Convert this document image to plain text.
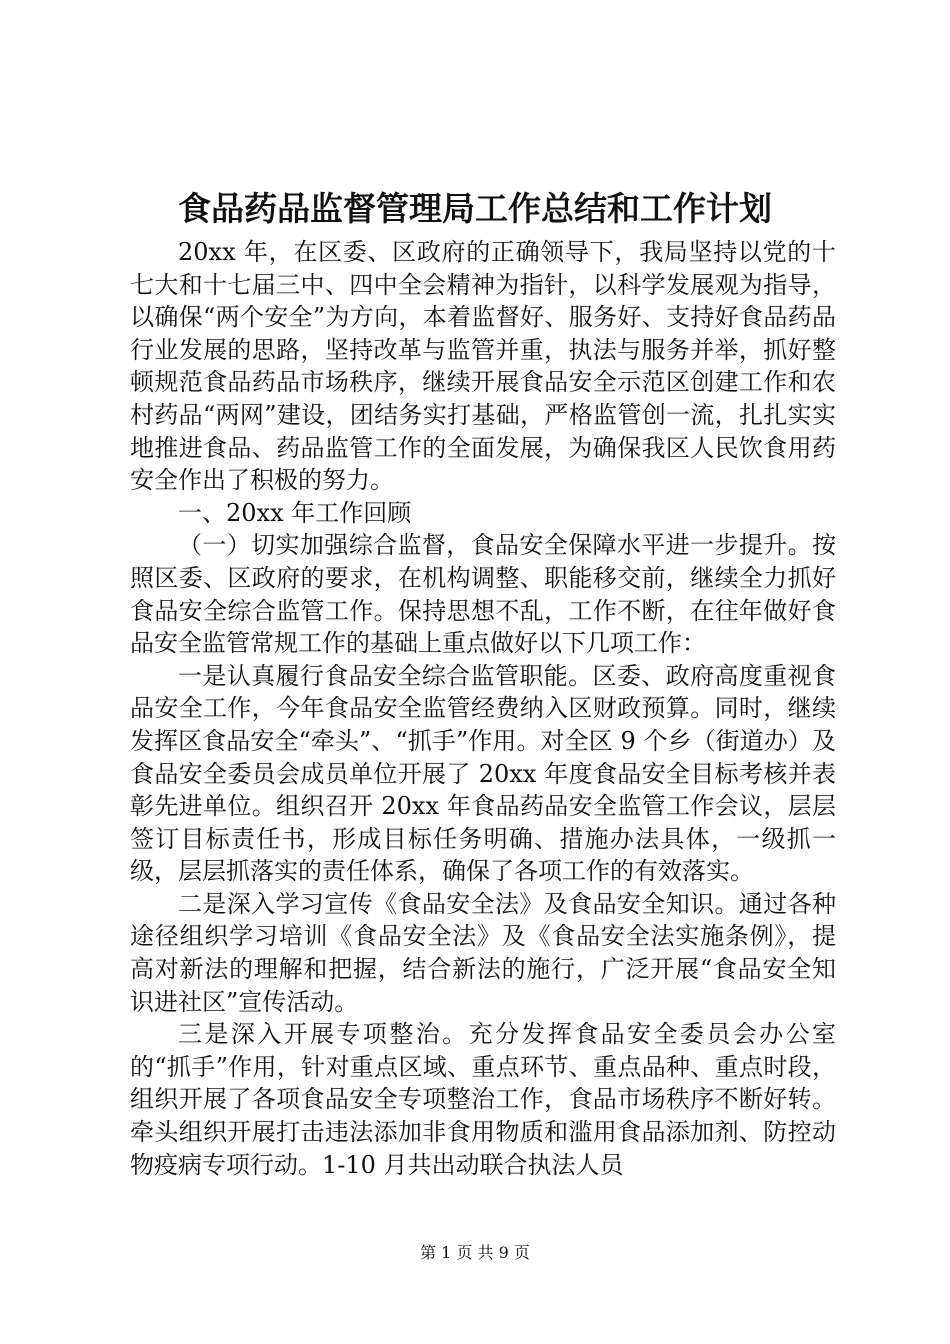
食品药品监督管理局工作总结和工作计划

20xx 年，在区委、区政府的正确领导下，我局坚持以党的十七大和十七届三中、四中全会精神为指针，以科学发展观为指导，以确保“两个安全”为方向，本着监督好、服务好、支持好食品药品行业发展的思路，坚持改革与监管并重，执法与服务并举，抓好整顿规范食品药品市场秩序，继续开展食品安全示范区创建工作和农村药品“两网”建设，团结务实打基础，严格监管创一流，扎扎实实地推进食品、药品监管工作的全面发展，为确保我区人民饮食用药安全作出了积极的努力。

一、20xx 年工作回顾

（一）切实加强综合监督，食品安全保障水平进一步提升。按照区委、区政府的要求，在机构调整、职能移交前，继续全力抓好食品安全综合监管工作。保持思想不乱，工作不断，在往年做好食品安全监管常规工作的基础上重点做好以下几项工作：

一是认真履行食品安全综合监管职能。区委、政府高度重视食品安全工作，今年食品安全监管经费纳入区财政预算。同时，继续发挥区食品安全“牵头”、“抓手”作用。对全区 9 个乡（街道办）及食品安全委员会成员单位开展了 20xx 年度食品安全目标考核并表彰先进单位。组织召开 20xx 年食品药品安全监管工作会议，层层签订目标责任书，形成目标任务明确、措施办法具体，一级抓一级，层层抓落实的责任体系，确保了各项工作的有效落实。

二是深入学习宣传《食品安全法》及食品安全知识。通过各种途径组织学习培训《食品安全法》及《食品安全法实施条例》，提高对新法的理解和把握，结合新法的施行，广泛开展“食品安全知识进社区”宣传活动。

三是深入开展专项整治。充分发挥食品安全委员会办公室的“抓手”作用，针对重点区域、重点环节、重点品种、重点时段，组织开展了各项食品安全专项整治工作，食品市场秩序不断好转。牵头组织开展打击违法添加非食用物质和滥用食品添加剂、防控动物疫病专项行动。1-10 月共出动联合执法人员

第 1 页 共 9 页
